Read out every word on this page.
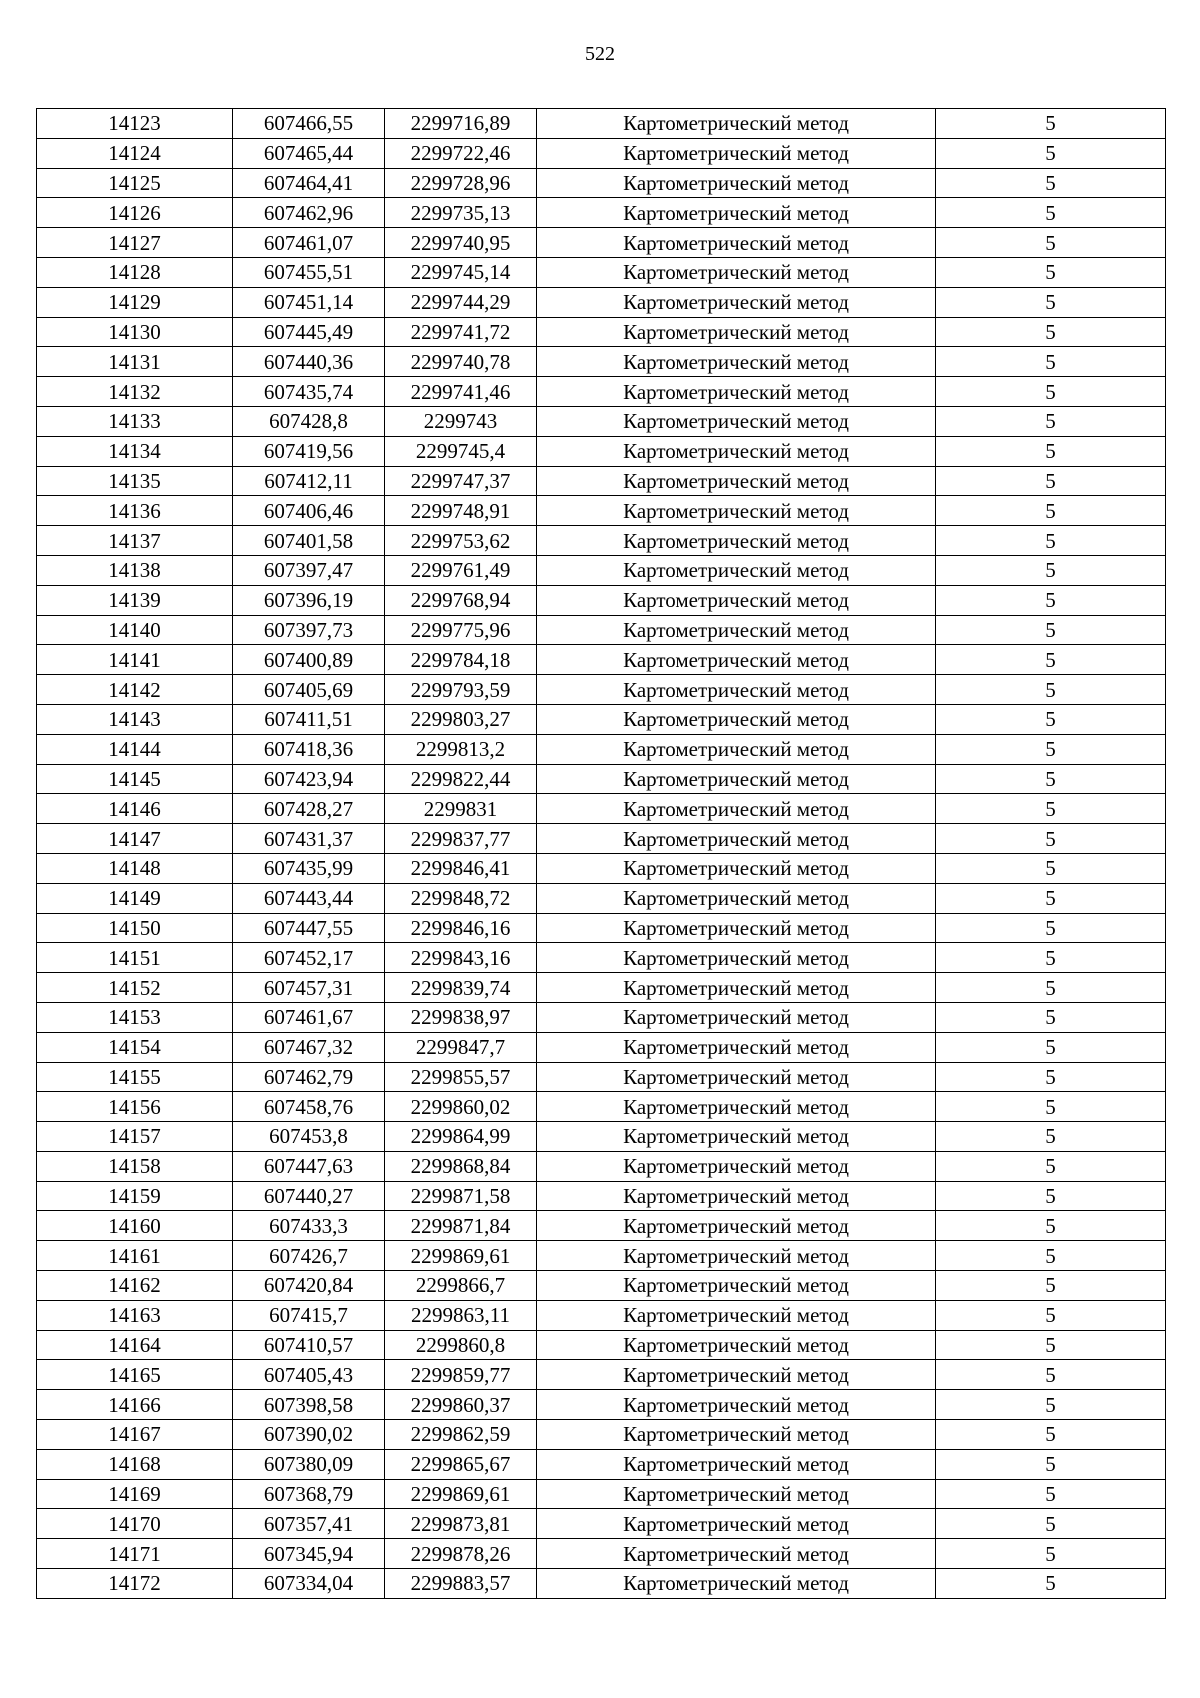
522
14123	607466,55	2299716,89	Картометрический метод	5
14124	607465,44	2299722,46	Картометрический метод	5
14125	607464,41	2299728,96	Картометрический метод	5
14126	607462,96	2299735,13	Картометрический метод	5
14127	607461,07	2299740,95	Картометрический метод	5
14128	607455,51	2299745,14	Картометрический метод	5
14129	607451,14	2299744,29	Картометрический метод	5
14130	607445,49	2299741,72	Картометрический метод	5
14131	607440,36	2299740,78	Картометрический метод	5
14132	607435,74	2299741,46	Картометрический метод	5
14133	607428,8	2299743	Картометрический метод	5
14134	607419,56	2299745,4	Картометрический метод	5
14135	607412,11	2299747,37	Картометрический метод	5
14136	607406,46	2299748,91	Картометрический метод	5
14137	607401,58	2299753,62	Картометрический метод	5
14138	607397,47	2299761,49	Картометрический метод	5
14139	607396,19	2299768,94	Картометрический метод	5
14140	607397,73	2299775,96	Картометрический метод	5
14141	607400,89	2299784,18	Картометрический метод	5
14142	607405,69	2299793,59	Картометрический метод	5
14143	607411,51	2299803,27	Картометрический метод	5
14144	607418,36	2299813,2	Картометрический метод	5
14145	607423,94	2299822,44	Картометрический метод	5
14146	607428,27	2299831	Картометрический метод	5
14147	607431,37	2299837,77	Картометрический метод	5
14148	607435,99	2299846,41	Картометрический метод	5
14149	607443,44	2299848,72	Картометрический метод	5
14150	607447,55	2299846,16	Картометрический метод	5
14151	607452,17	2299843,16	Картометрический метод	5
14152	607457,31	2299839,74	Картометрический метод	5
14153	607461,67	2299838,97	Картометрический метод	5
14154	607467,32	2299847,7	Картометрический метод	5
14155	607462,79	2299855,57	Картометрический метод	5
14156	607458,76	2299860,02	Картометрический метод	5
14157	607453,8	2299864,99	Картометрический метод	5
14158	607447,63	2299868,84	Картометрический метод	5
14159	607440,27	2299871,58	Картометрический метод	5
14160	607433,3	2299871,84	Картометрический метод	5
14161	607426,7	2299869,61	Картометрический метод	5
14162	607420,84	2299866,7	Картометрический метод	5
14163	607415,7	2299863,11	Картометрический метод	5
14164	607410,57	2299860,8	Картометрический метод	5
14165	607405,43	2299859,77	Картометрический метод	5
14166	607398,58	2299860,37	Картометрический метод	5
14167	607390,02	2299862,59	Картометрический метод	5
14168	607380,09	2299865,67	Картометрический метод	5
14169	607368,79	2299869,61	Картометрический метод	5
14170	607357,41	2299873,81	Картометрический метод	5
14171	607345,94	2299878,26	Картометрический метод	5
14172	607334,04	2299883,57	Картометрический метод	5
